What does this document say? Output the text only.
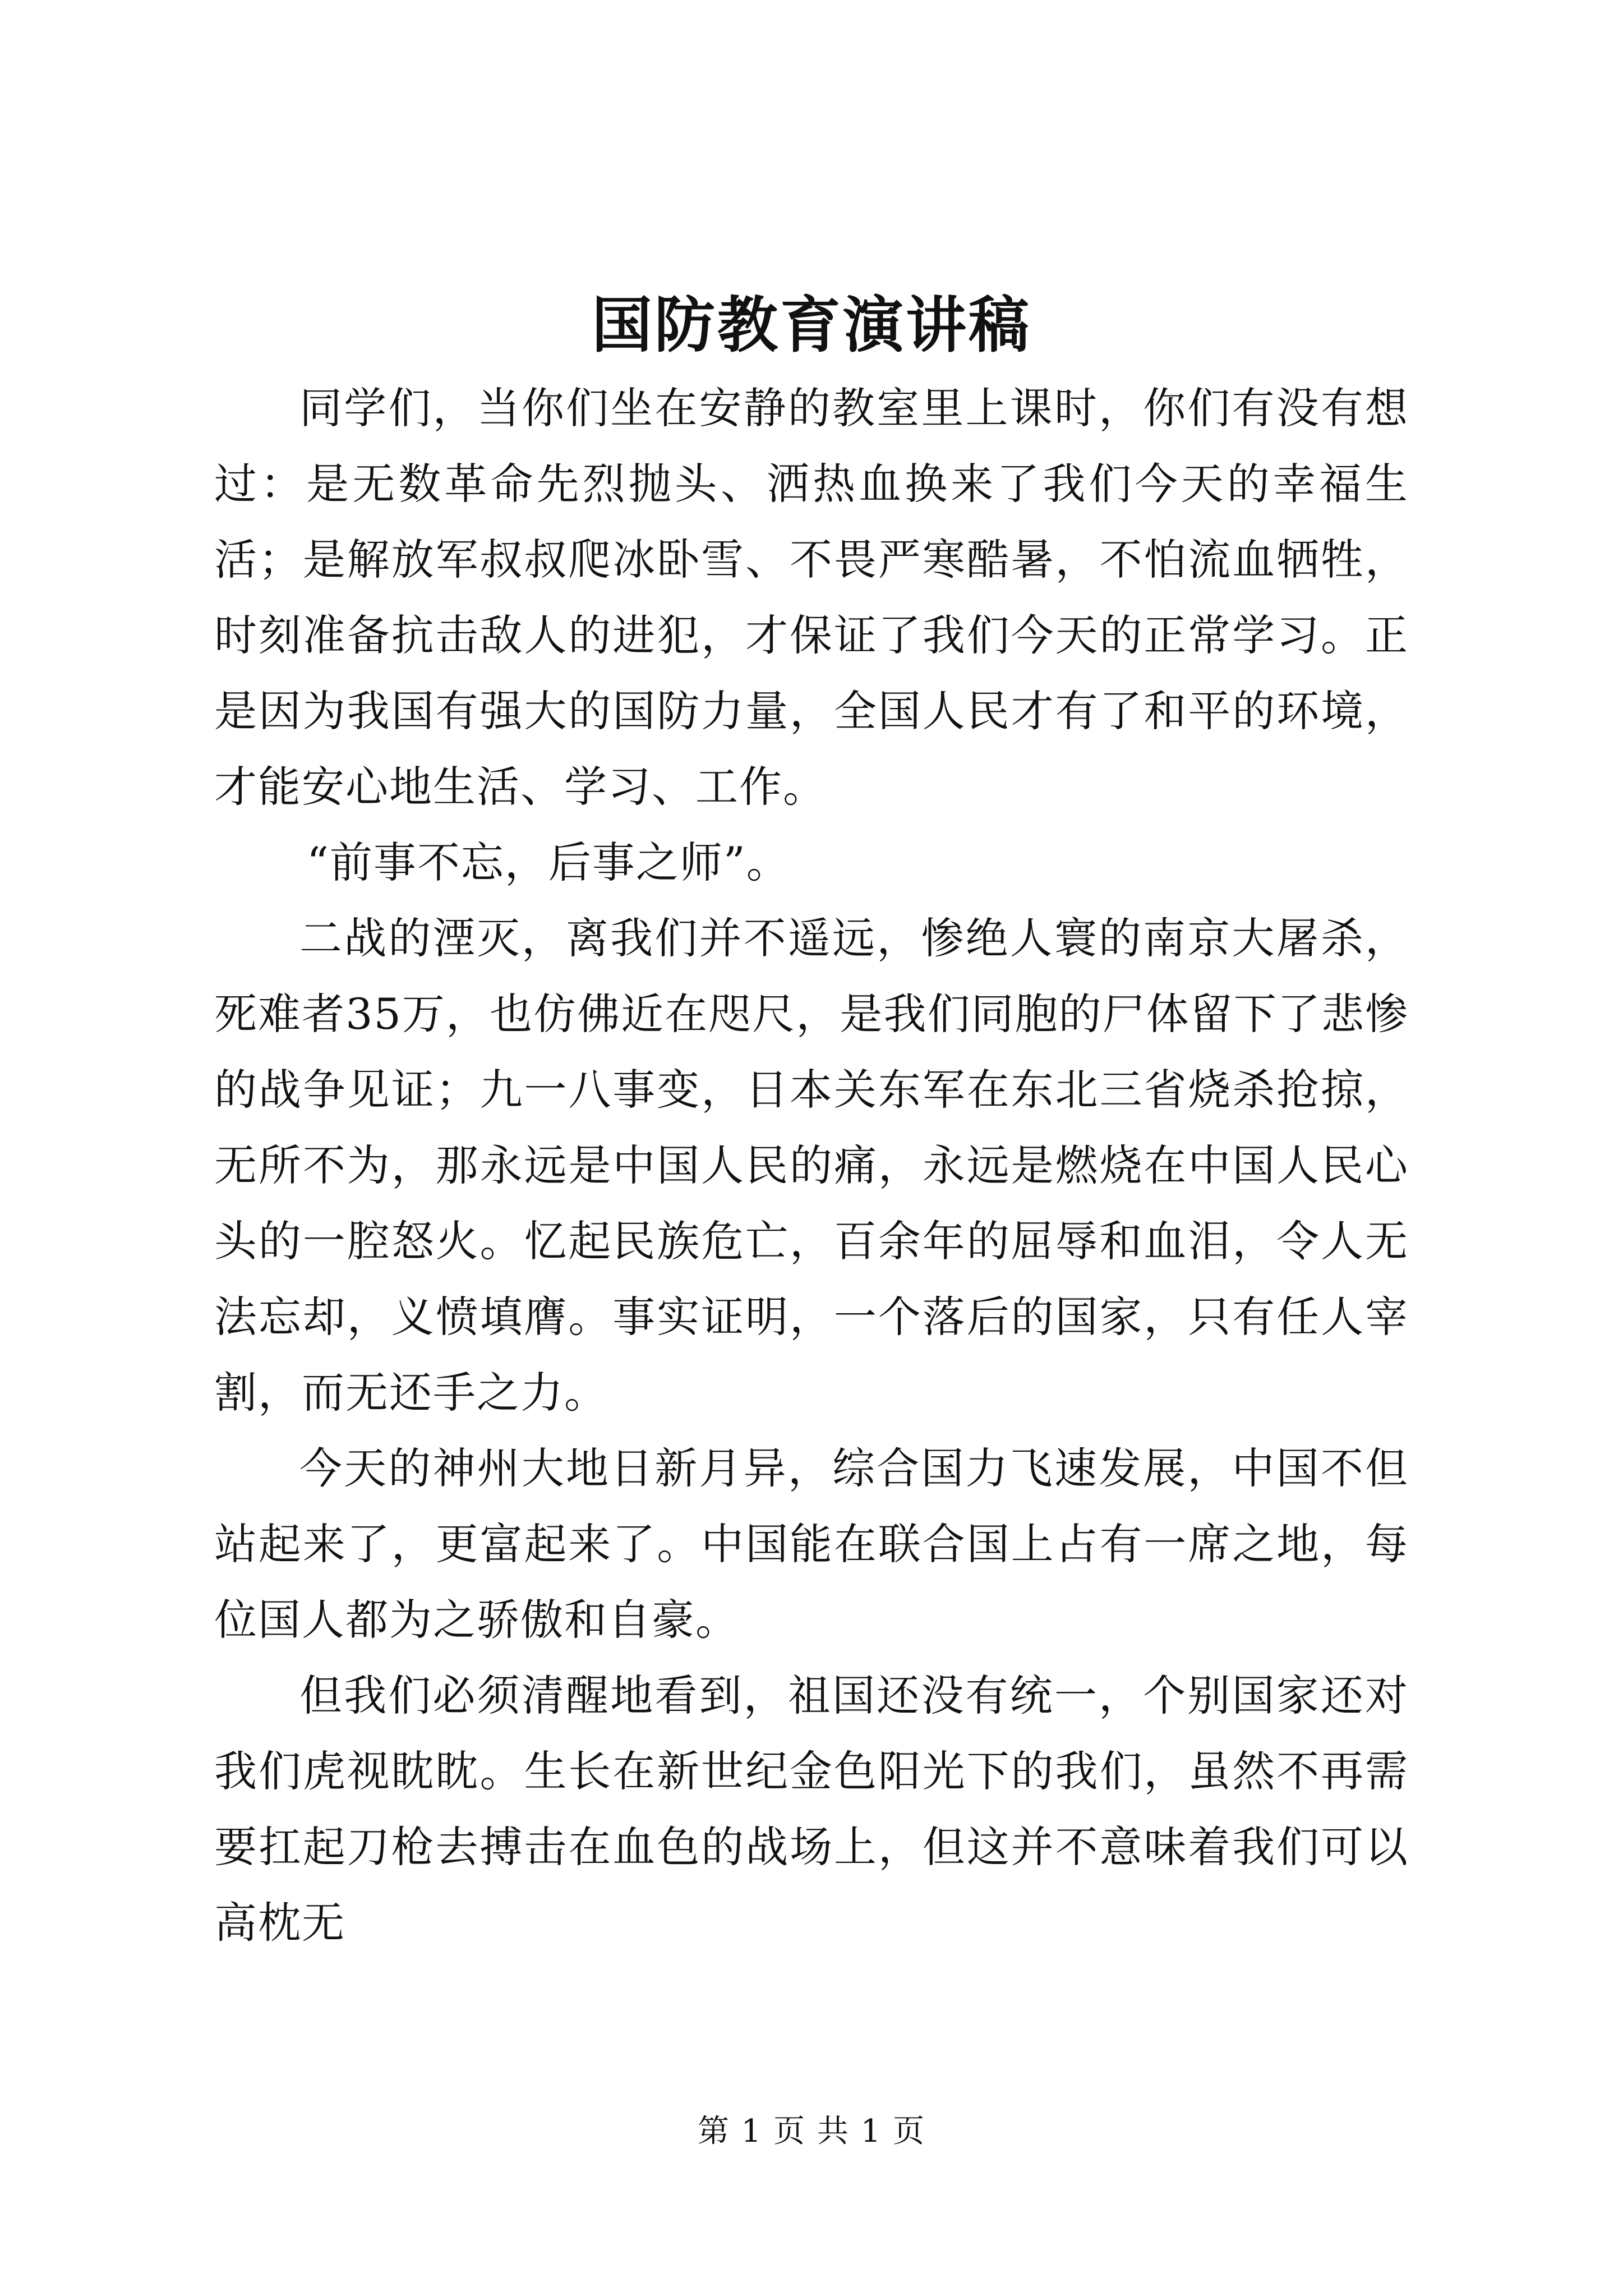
国防教育演讲稿

同学们，当你们坐在安静的教室里上课时，你们有没有想过：是无数革命先烈抛头、洒热血换来了我们今天的幸福生活；是解放军叔叔爬冰卧雪、不畏严寒酷暑，不怕流血牺牲，时刻准备抗击敌人的进犯，才保证了我们今天的正常学习。正是因为我国有强大的国防力量，全国人民才有了和平的环境，才能安心地生活、学习、工作。

“前事不忘，后事之师”。

二战的湮灭，离我们并不遥远，惨绝人寰的南京大屠杀，死难者35万，也仿佛近在咫尺，是我们同胞的尸体留下了悲惨的战争见证；九一八事变，日本关东军在东北三省烧杀抢掠，无所不为，那永远是中国人民的痛，永远是燃烧在中国人民心头的一腔怒火。忆起民族危亡，百余年的屈辱和血泪，令人无法忘却，义愤填膺。事实证明，一个落后的国家，只有任人宰割，而无还手之力。

今天的神州大地日新月异，综合国力飞速发展，中国不但站起来了，更富起来了。中国能在联合国上占有一席之地，每位国人都为之骄傲和自豪。

但我们必须清醒地看到，祖国还没有统一，个别国家还对我们虎视眈眈。生长在新世纪金色阳光下的我们，虽然不再需要扛起刀枪去搏击在血色的战场上，但这并不意味着我们可以高枕无

第 1 页 共 1 页
